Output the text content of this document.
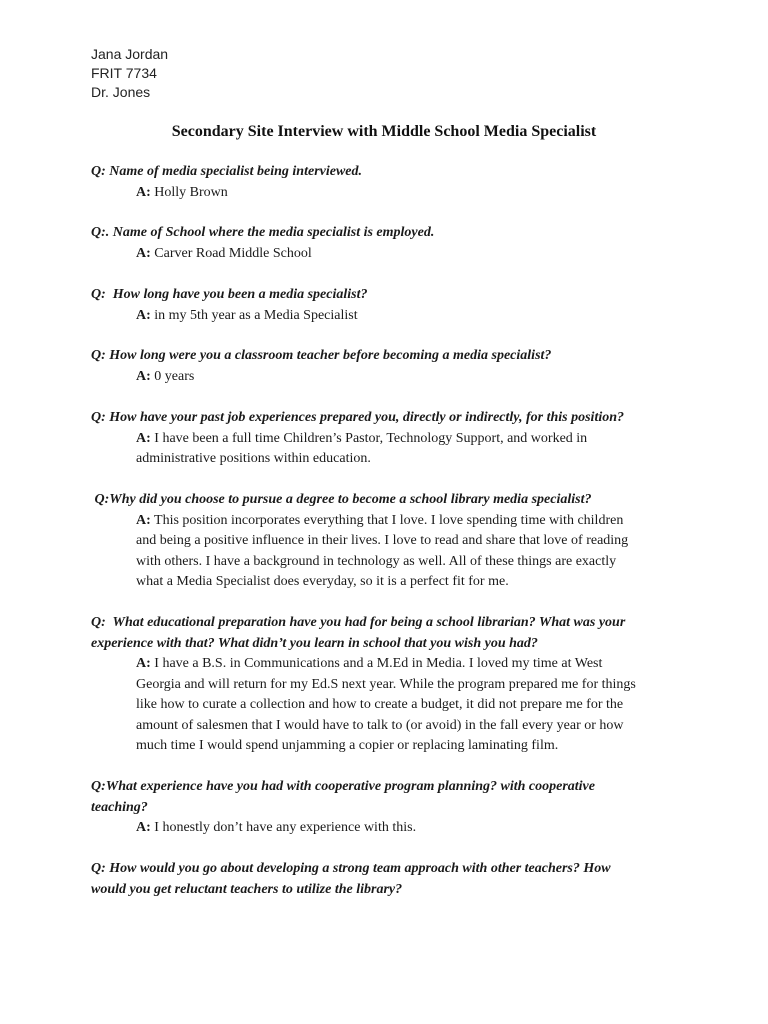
Jana Jordan
FRIT 7734
Dr. Jones
Secondary Site Interview with Middle School Media Specialist
Q: Name of media specialist being interviewed.
A: Holly Brown
Q:. Name of School where the media specialist is employed.
A: Carver Road Middle School
Q:  How long have you been a media specialist?
A: in my 5th year as a Media Specialist
Q: How long were you a classroom teacher before becoming a media specialist?
A: 0 years
Q: How have your past job experiences prepared you, directly or indirectly, for this position?
A: I have been a full time Children’s Pastor, Technology Support, and worked in
administrative positions within education.
Q:Why did you choose to pursue a degree to become a school library media specialist?
A: This position incorporates everything that I love. I love spending time with children
and being a positive influence in their lives. I love to read and share that love of reading
with others. I have a background in technology as well. All of these things are exactly
what a Media Specialist does everyday, so it is a perfect fit for me.
Q:  What educational preparation have you had for being a school librarian? What was your
experience with that? What didn’t you learn in school that you wish you had?
A: I have a B.S. in Communications and a M.Ed in Media. I loved my time at West
Georgia and will return for my Ed.S next year. While the program prepared me for things
like how to curate a collection and how to create a budget, it did not prepare me for the
amount of salesmen that I would have to talk to (or avoid) in the fall every year or how
much time I would spend unjamming a copier or replacing laminating film.
Q:What experience have you had with cooperative program planning? with cooperative
teaching?
A: I honestly don’t have any experience with this.
Q: How would you go about developing a strong team approach with other teachers? How
would you get reluctant teachers to utilize the library?
